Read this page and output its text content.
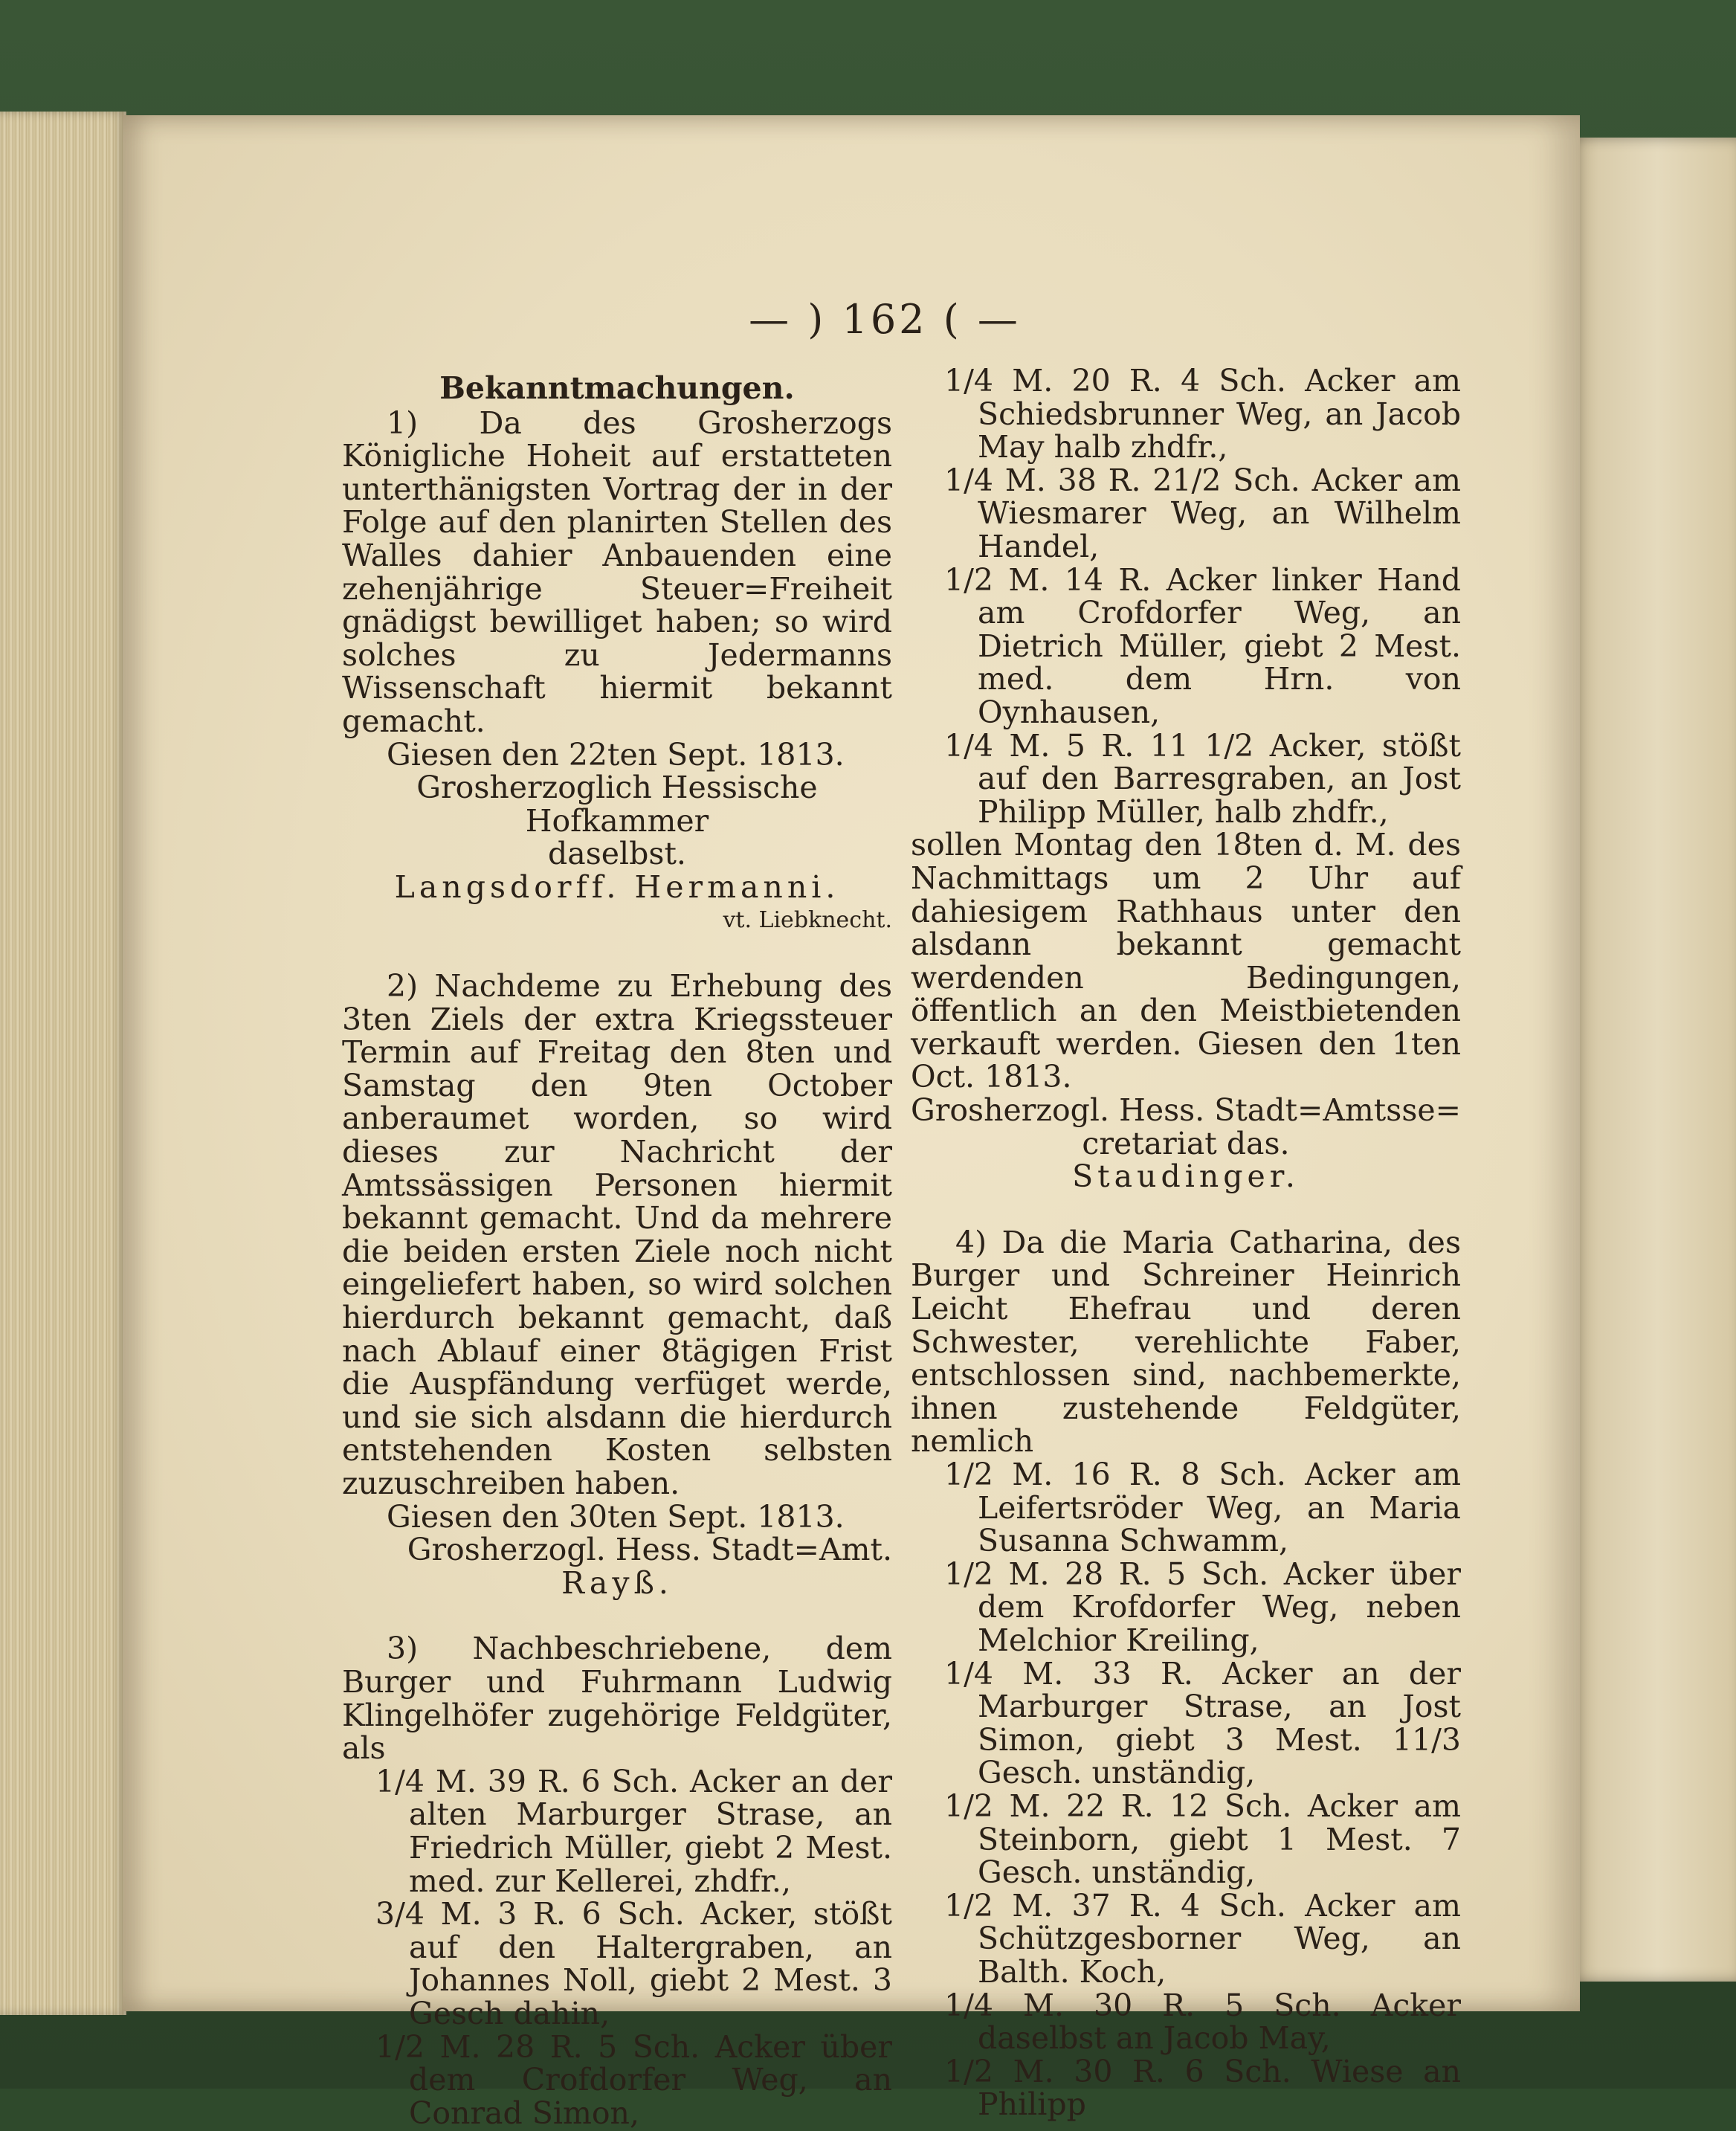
— ) 162 ( —

Bekanntmachungen.

1) Da des Grosherzogs Königliche Hoheit auf erstatteten unterthänigsten Vortrag der in der Folge auf den planirten Stellen des Walles dahier Anbauenden eine zehenjährige Steuer=Freiheit gnädigst bewilliget haben; so wird solches zu Jedermanns Wissenschaft hiermit bekannt gemacht.

Giesen den 22ten Sept. 1813.

Grosherzoglich Hessische Hofkammer

daselbst.

Langsdorff. Hermanni.

vt. Liebknecht.

2) Nachdeme zu Erhebung des 3ten Ziels der extra Kriegssteuer Termin auf Freitag den 8ten und Samstag den 9ten October anberaumet worden, so wird dieses zur Nachricht der Amtssässigen Personen hiermit bekannt gemacht. Und da mehrere die beiden ersten Ziele noch nicht eingeliefert haben, so wird solchen hierdurch bekannt gemacht, daß nach Ablauf einer 8tägigen Frist die Auspfändung verfüget werde, und sie sich alsdann die hierdurch entstehenden Kosten selbsten zuzuschreiben haben.

Giesen den 30ten Sept. 1813.

Grosherzogl. Hess. Stadt=Amt.

Rayß.

3) Nachbeschriebene, dem Burger und Fuhrmann Ludwig Klingelhöfer zugehörige Feldgüter, als

1/4 M. 39 R. 6 Sch. Acker an der alten Marburger Strase, an Friedrich Müller, giebt 2 Mest. med. zur Kellerei, zhdfr.,

3/4 M. 3 R. 6 Sch. Acker, stößt auf den Haltergraben, an Johannes Noll, giebt 2 Mest. 3 Gesch dahin,

1/2 M. 28 R. 5 Sch. Acker über dem Crofdorfer Weg, an Conrad Simon,

1/4 M. 20 R. 4 Sch. Acker am Schiedsbrunner Weg, an Jacob May halb zhdfr.,

1/4 M. 38 R. 21/2 Sch. Acker am Wiesmarer Weg, an Wilhelm Handel,

1/2 M. 14 R. Acker linker Hand am Crofdorfer Weg, an Dietrich Müller, giebt 2 Mest. med. dem Hrn. von Oynhausen,

1/4 M. 5 R. 11 1/2 Acker, stößt auf den Barresgraben, an Jost Philipp Müller, halb zhdfr.,

sollen Montag den 18ten d. M. des Nachmittags um 2 Uhr auf dahiesigem Rathhaus unter den alsdann bekannt gemacht werdenden Bedingungen, öffentlich an den Meistbietenden verkauft werden. Giesen den 1ten Oct. 1813.

Grosherzogl. Hess. Stadt=Amtsse=

cretariat das.

Staudinger.

4) Da die Maria Catharina, des Burger und Schreiner Heinrich Leicht Ehefrau und deren Schwester, verehlichte Faber, entschlossen sind, nachbemerkte, ihnen zustehende Feldgüter, nemlich

1/2 M. 16 R. 8 Sch. Acker am Leifertsröder Weg, an Maria Susanna Schwamm,

1/2 M. 28 R. 5 Sch. Acker über dem Krofdorfer Weg, neben Melchior Kreiling,

1/4 M. 33 R. Acker an der Marburger Strase, an Jost Simon, giebt 3 Mest. 11/3 Gesch. unständig,

1/2 M. 22 R. 12 Sch. Acker am Steinborn, giebt 1 Mest. 7 Gesch. unständig,

1/2 M. 37 R. 4 Sch. Acker am Schützgesborner Weg, an Balth. Koch,

1/4 M. 30 R. 5 Sch. Acker daselbst an Jacob May,

1/2 M. 30 R. 6 Sch. Wiese an Philipp
